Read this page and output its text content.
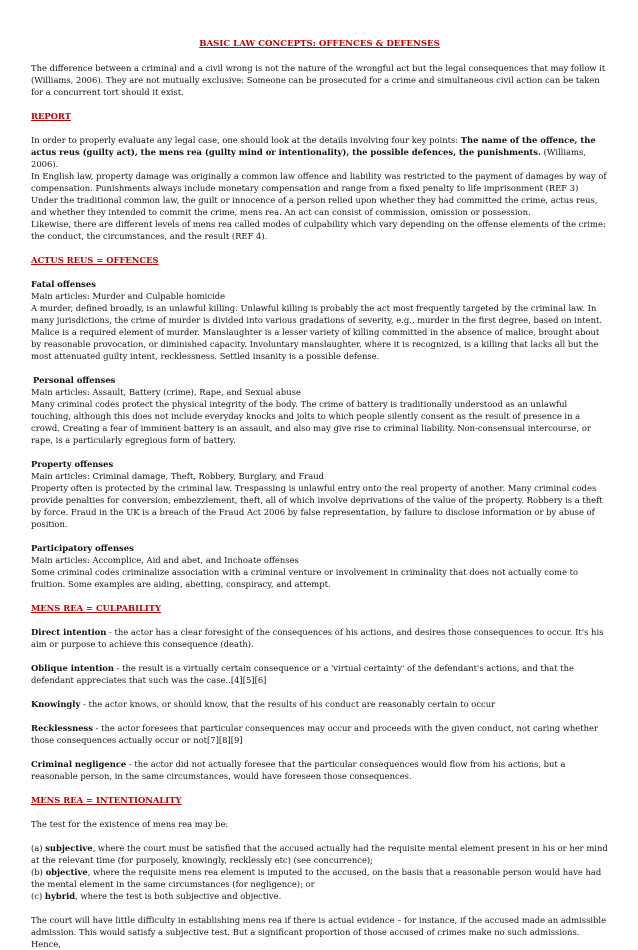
BASIC LAW CONCEPTS: OFFENCES & DEFENSES

The difference between a criminal and a civil wrong is not the nature of the wrongful act but the legal consequences that may follow it (Williams, 2006). They are not mutually exclusive: Someone can be prosecuted for a crime and simultaneous civil action can be taken for a concurrent tort should it exist.

REPORT

In order to properly evaluate any legal case, one should look at the details involving four key points: The name of the offence, the actus reus (guilty act), the mens rea (guilty mind or intentionality), the possible defences, the punishments. (Williams, 2006).

In English law, property damage was originally a common law offence and liability was restricted to the payment of damages by way of compensation. Punishments always include monetary compensation and range from a fixed penalty to life imprisonment (REF 3)

Under the traditional common law, the guilt or innocence of a person relied upon whether they had committed the crime, actus reus, and whether they intended to commit the crime, mens rea. An act can consist of commission, omission or possession.

Likewise, there are different levels of mens rea called modes of culpability which vary depending on the offense elements of the crime: the conduct, the circumstances, and the result (REF 4).

ACTUS REUS = OFFENCES
Fatal offenses

Main articles: Murder and Culpable homicide

A murder, defined broadly, is an unlawful killing. Unlawful killing is probably the act most frequently targeted by the criminal law. In many jurisdictions, the crime of murder is divided into various gradations of severity, e.g., murder in the first degree, based on intent. Malice is a required element of murder. Manslaughter is a lesser variety of killing committed in the absence of malice, brought about by reasonable provocation, or diminished capacity. Involuntary manslaughter, where it is recognized, is a killing that lacks all but the most attenuated guilty intent, recklessness. Settled insanity is a possible defense.

Personal offenses

Main articles: Assault, Battery (crime), Rape, and Sexual abuse

Many criminal codes protect the physical integrity of the body. The crime of battery is traditionally understood as an unlawful touching, although this does not include everyday knocks and jolts to which people silently consent as the result of presence in a crowd. Creating a fear of imminent battery is an assault, and also may give rise to criminal liability. Non-consensual intercourse, or rape, is a particularly egregious form of battery.

Property offenses

Main articles: Criminal damage, Theft, Robbery, Burglary, and Fraud

Property often is protected by the criminal law. Trespassing is unlawful entry onto the real property of another. Many criminal codes provide penalties for conversion, embezzlement, theft, all of which involve deprivations of the value of the property. Robbery is a theft by force. Fraud in the UK is a breach of the Fraud Act 2006 by false representation, by failure to disclose information or by abuse of position.

Participatory offenses

Main articles: Accomplice, Aid and abet, and Inchoate offenses

Some criminal codes criminalize association with a criminal venture or involvement in criminality that does not actually come to fruition. Some examples are aiding, abetting, conspiracy, and attempt.

MENS REA = CULPABILITY

Direct intention - the actor has a clear foresight of the consequences of his actions, and desires those consequences to occur. It's his aim or purpose to achieve this consequence (death).

Oblique intention - the result is a virtually certain consequence or a 'virtual certainty' of the defendant's actions, and that the defendant appreciates that such was the case..[4][5][6]

Knowingly - the actor knows, or should know, that the results of his conduct are reasonably certain to occur

Recklessness - the actor foresees that particular consequences may occur and proceeds with the given conduct, not caring whether those consequences actually occur or not[7][8][9]

Criminal negligence - the actor did not actually foresee that the particular consequences would flow from his actions, but a reasonable person, in the same circumstances, would have foreseen those consequences.

MENS REA = INTENTIONALITY

The test for the existence of mens rea may be:

(a) subjective, where the court must be satisfied that the accused actually had the requisite mental element present in his or her mind at the relevant time (for purposely, knowingly, recklessly etc) (see concurrence);

(b) objective, where the requisite mens rea element is imputed to the accused, on the basis that a reasonable person would have had the mental element in the same circumstances (for negligence); or

(c) hybrid, where the test is both subjective and objective.

The court will have little difficulty in establishing mens rea if there is actual evidence – for instance, if the accused made an admissible admission. This would satisfy a subjective test. But a significant proportion of those accused of crimes make no such admissions. Hence,
